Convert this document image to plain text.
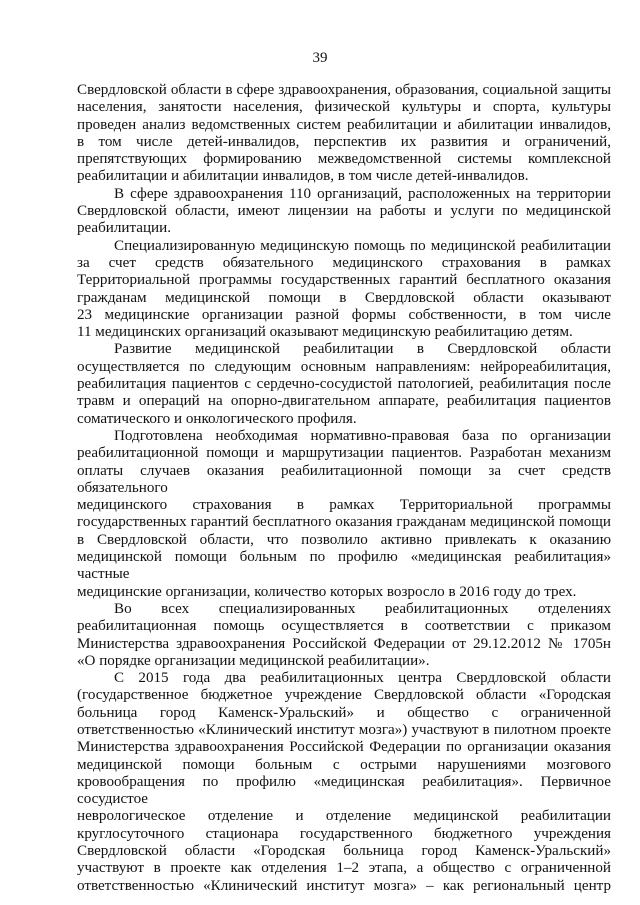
39

Свердловской области в сфере здравоохранения, образования, социальной защиты

населения, занятости населения, физической культуры и спорта, культуры

проведен анализ ведомственных систем реабилитации и абилитации инвалидов,

в том числе детей-инвалидов, перспектив их развития и ограничений,

препятствующих формированию межведомственной системы комплексной

реабилитации и абилитации инвалидов, в том числе детей-инвалидов.

В сфере здравоохранения 110 организаций, расположенных на территории

Свердловской области, имеют лицензии на работы и услуги по медицинской

реабилитации.

Специализированную медицинскую помощь по медицинской реабилитации

за счет средств обязательного медицинского страхования в рамках

Территориальной программы государственных гарантий бесплатного оказания

гражданам медицинской помощи в Свердловской области оказывают

23 медицинские организации разной формы собственности, в том числе

11 медицинских организаций оказывают медицинскую реабилитацию детям.

Развитие медицинской реабилитации в Свердловской области

осуществляется по следующим основным направлениям: нейрореабилитация,

реабилитация пациентов с сердечно-сосудистой патологией, реабилитация после

травм и операций на опорно-двигательном аппарате, реабилитация пациентов

соматического и онкологического профиля.

Подготовлена необходимая нормативно-правовая база по организации

реабилитационной помощи и маршрутизации пациентов. Разработан механизм

оплаты случаев оказания реабилитационной помощи за счет средств обязательного

медицинского страхования в рамках Территориальной программы

государственных гарантий бесплатного оказания гражданам медицинской помощи

в Свердловской области, что позволило активно привлекать к оказанию

медицинской помощи больным по профилю «медицинская реабилитация» частные

медицинские организации, количество которых возросло в 2016 году до трех.

Во всех специализированных реабилитационных отделениях

реабилитационная помощь осуществляется в соответствии с приказом

Министерства здравоохранения Российской Федерации от 29.12.2012 № 1705н

«О порядке организации медицинской реабилитации».

С 2015 года два реабилитационных центра Свердловской области

(государственное бюджетное учреждение Свердловской области «Городская

больница город Каменск-Уральский» и общество с ограниченной

ответственностью «Клинический институт мозга») участвуют в пилотном проекте

Министерства здравоохранения Российской Федерации по организации оказания

медицинской помощи больным с острыми нарушениями мозгового

кровообращения по профилю «медицинская реабилитация». Первичное сосудистое

неврологическое отделение и отделение медицинской реабилитации

круглосуточного стационара государственного бюджетного учреждения

Свердловской области «Городская больница город Каменск-Уральский»

участвуют в проекте как отделения 1–2 этапа, а общество с ограниченной

ответственностью «Клинический институт мозга» – как региональный центр
